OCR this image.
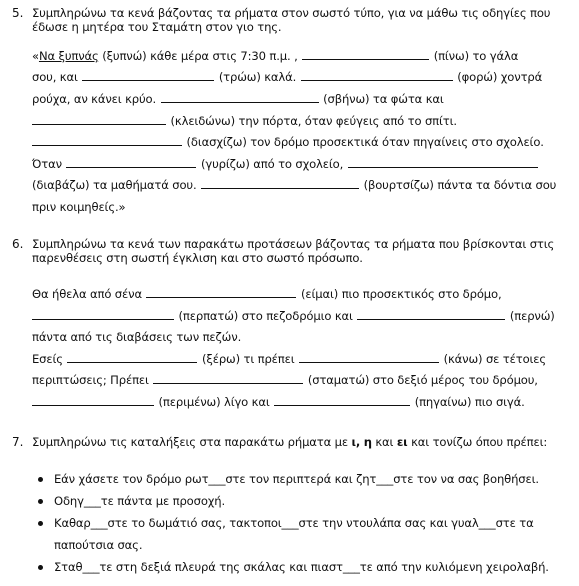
5. Συμπληρώνω τα κενά βάζοντας τα ρήματα στον σωστό τύπο, για να μάθω τις οδηγίες που
έδωσε η μητέρα του Σταμάτη στον γιο της.
«Να ξυπνάς (ξυπνώ) κάθε μέρα στις 7:30 π.μ. ,	(πίνω) το γάλα
σου, και	(τρώω) καλά.	(φορώ) χοντρά
ρούχα, αν κάνει κρύο.	(σβήνω) τα φώτα και
(κλειδώνω) την πόρτα, όταν φεύγεις από το σπίτι.
(διασχίζω) τον δρόμο προσεκτικά όταν πηγαίνεις στο σχολείο.
Όταν	(γυρίζω) από το σχολείο,
(διαβάζω) τα μαθήματά σου.	(βουρτσίζω) πάντα τα δόντια σου
πριν κοιμηθείς.»
6. Συμπληρώνω τα κενά των παρακάτω προτάσεων βάζοντας τα ρήματα που βρίσκονται στις
παρενθέσεις στη σωστή έγκλιση και στο σωστό πρόσωπο.
Θα ήθελα από σένα	(είμαι) πιο προσεκτικός στο δρόμο,
(περπατώ) στο πεζοδρόμιο και	(περνώ)
πάντα από τις διαβάσεις των πεζών.
Εσείς	(ξέρω) τι πρέπει	(κάνω) σε τέτοιες
περιπτώσεις; Πρέπει	(σταματώ) στο δεξιό μέρος του δρόμου,
(περιμένω) λίγο και	(πηγαίνω) πιο σιγά.
7. Συμπληρώνω τις καταλήξεις στα παρακάτω ρήματα με ι, η και ει και τονίζω όπου πρέπει:
Εάν χάσετε τον δρόμο ρωτ___στε τον περιπτερά και ζητ___στε τον να σας βοηθήσει.
Οδηγ___τε πάντα με προσοχή.
Καθαρ___στε το δωμάτιό σας, τακτοποι___στε την ντουλάπα σας και γυαλ___στε τα
παπούτσια σας.
Σταθ___τε στη δεξιά πλευρά της σκάλας και πιαστ___τε από την κυλιόμενη χειρολαβή.
